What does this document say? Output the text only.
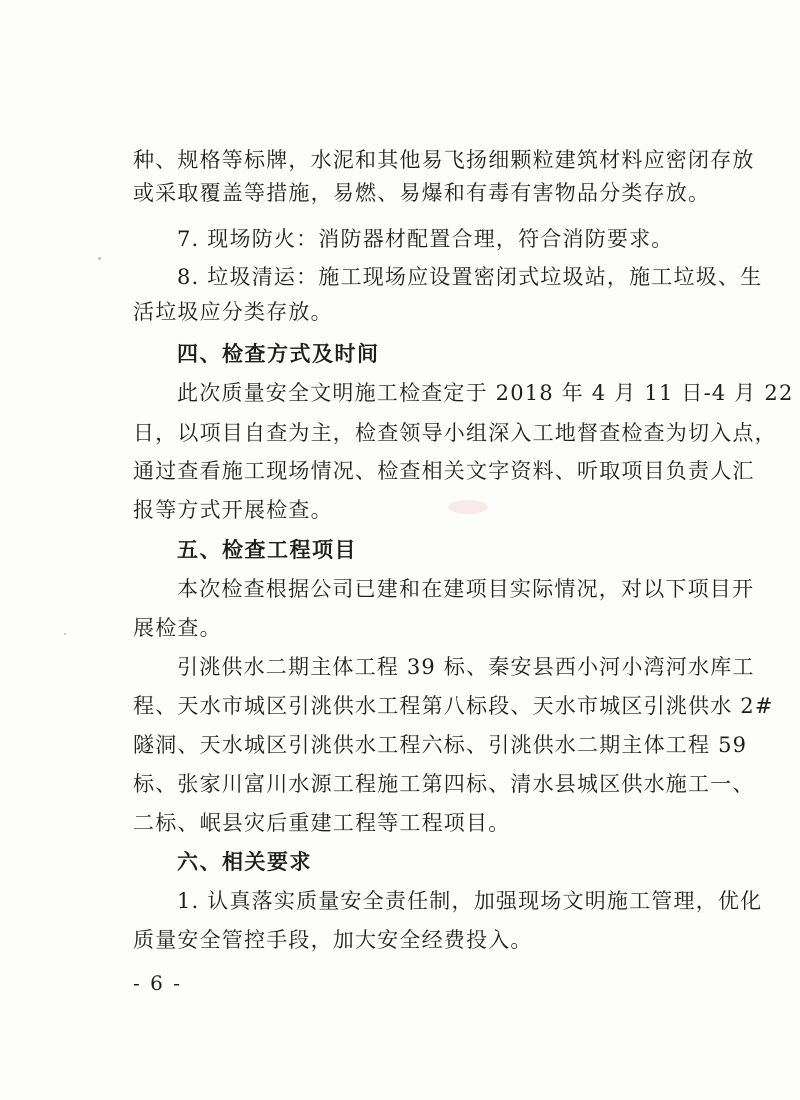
种、规格等标牌，水泥和其他易飞扬细颗粒建筑材料应密闭存放
或采取覆盖等措施，易燃、易爆和有毒有害物品分类存放。
7. 现场防火：消防器材配置合理，符合消防要求。
8. 垃圾清运：施工现场应设置密闭式垃圾站，施工垃圾、生
活垃圾应分类存放。
四、检查方式及时间
此次质量安全文明施工检查定于 2018 年 4 月 11 日-4 月 22
日，以项目自查为主，检查领导小组深入工地督查检查为切入点，
通过查看施工现场情况、检查相关文字资料、听取项目负责人汇
报等方式开展检查。
五、检查工程项目
本次检查根据公司已建和在建项目实际情况，对以下项目开
展检查。
引洮供水二期主体工程 39 标、秦安县西小河小湾河水库工
程、天水市城区引洮供水工程第八标段、天水市城区引洮供水 2#
隧洞、天水城区引洮供水工程六标、引洮供水二期主体工程 59
标、张家川富川水源工程施工第四标、清水县城区供水施工一、
二标、岷县灾后重建工程等工程项目。
六、相关要求
1. 认真落实质量安全责任制，加强现场文明施工管理，优化
质量安全管控手段，加大安全经费投入。
- 6 -
